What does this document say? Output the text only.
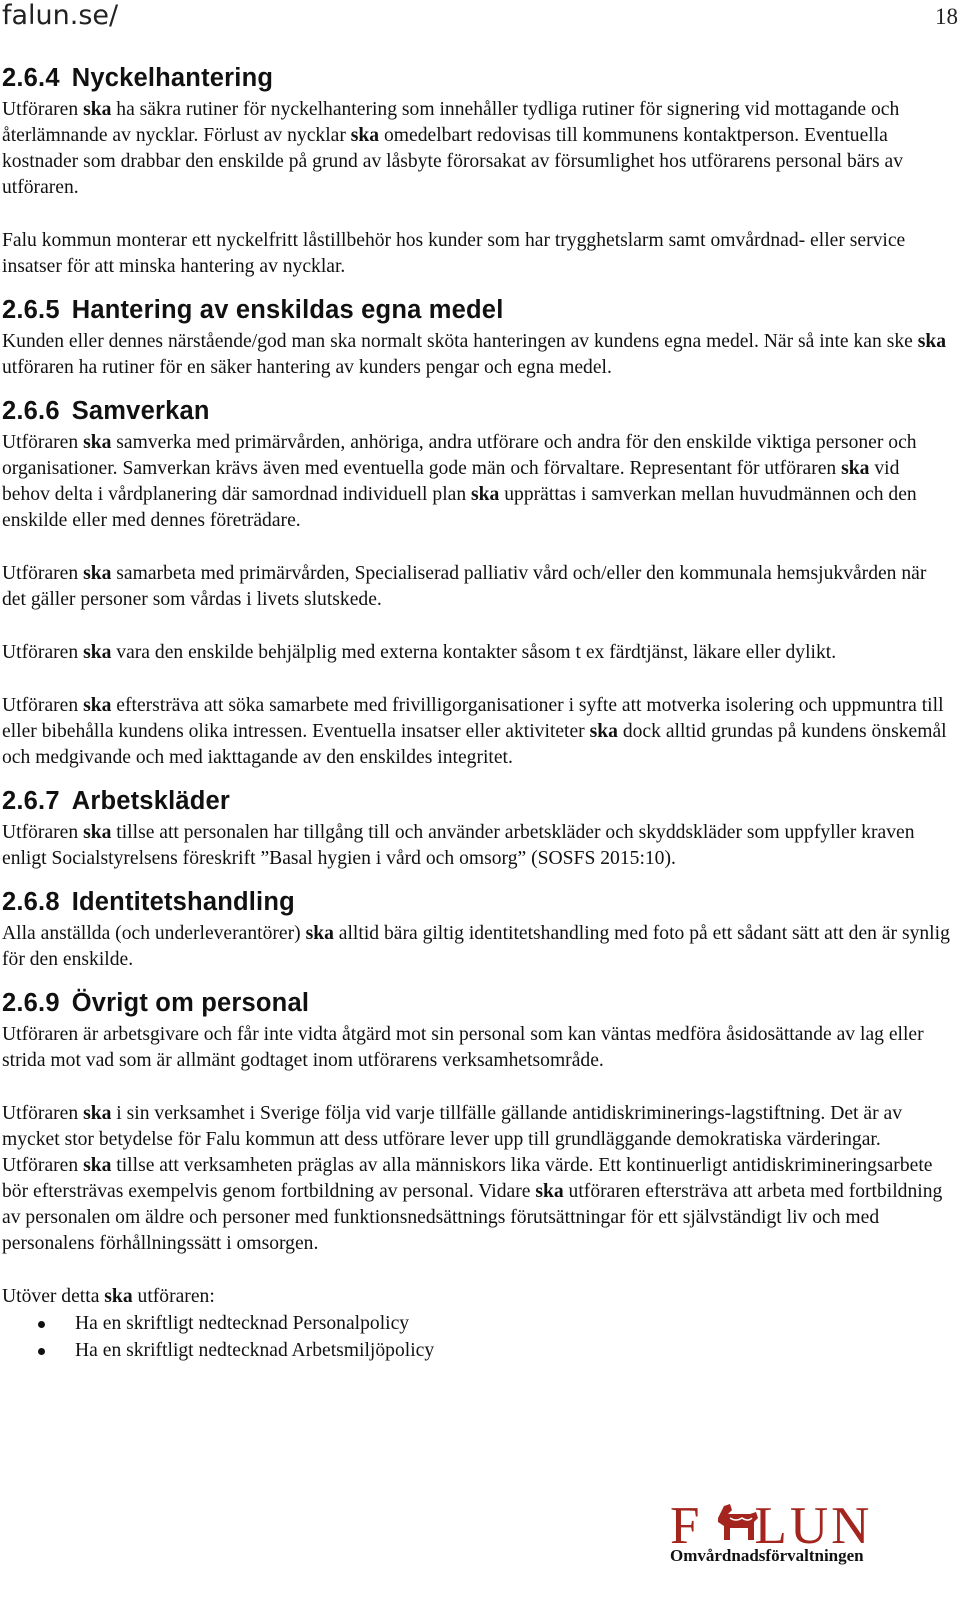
falun.se/	18
2.6.4 Nyckelhantering

Utföraren ska ha säkra rutiner för nyckelhantering som innehåller tydliga rutiner för signering vid mottagande och återlämnande av nycklar. Förlust av nycklar ska omedelbart redovisas till kommunens kontaktperson. Eventuella kostnader som drabbar den enskilde på grund av låsbyte förorsakat av försumlighet hos utförarens personal bärs av utföraren.

Falu kommun monterar ett nyckelfritt låstillbehör hos kunder som har trygghetslarm samt omvårdnad- eller service insatser för att minska hantering av nycklar.

2.6.5 Hantering av enskildas egna medel

Kunden eller dennes närstående/god man ska normalt sköta hanteringen av kundens egna medel. När så inte kan ske ska utföraren ha rutiner för en säker hantering av kunders pengar och egna medel.

2.6.6 Samverkan

Utföraren ska samverka med primärvården, anhöriga, andra utförare och andra för den enskilde viktiga personer och organisationer. Samverkan krävs även med eventuella gode män och förvaltare. Representant för utföraren ska vid behov delta i vårdplanering där samordnad individuell plan ska upprättas i samverkan mellan huvudmännen och den enskilde eller med dennes företrädare.

Utföraren ska samarbeta med primärvården, Specialiserad palliativ vård och/eller den kommunala hemsjukvården när det gäller personer som vårdas i livets slutskede.

Utföraren ska vara den enskilde behjälplig med externa kontakter såsom t ex färdtjänst, läkare eller dylikt.

Utföraren ska eftersträva att söka samarbete med frivilligorganisationer i syfte att motverka isolering och uppmuntra till eller bibehålla kundens olika intressen. Eventuella insatser eller aktiviteter ska dock alltid grundas på kundens önskemål och medgivande och med iakttagande av den enskildes integritet.

2.6.7 Arbetskläder

Utföraren ska tillse att personalen har tillgång till och använder arbetskläder och skyddskläder som uppfyller kraven enligt Socialstyrelsens föreskrift ”Basal hygien i vård och omsorg” (SOSFS 2015:10).

2.6.8 Identitetshandling

Alla anställda (och underleverantörer) ska alltid bära giltig identitetshandling med foto på ett sådant sätt att den är synlig för den enskilde.

2.6.9 Övrigt om personal

Utföraren är arbetsgivare och får inte vidta åtgärd mot sin personal som kan väntas medföra åsidosättande av lag eller strida mot vad som är allmänt godtaget inom utförarens verksamhetsområde.

Utföraren ska i sin verksamhet i Sverige följa vid varje tillfälle gällande antidiskriminerings-lagstiftning. Det är av mycket stor betydelse för Falu kommun att dess utförare lever upp till grundläggande demokratiska värderingar. Utföraren ska tillse att verksamheten präglas av alla människors lika värde. Ett kontinuerligt antidiskrimineringsarbete bör eftersträvas exempelvis genom fortbildning av personal. Vidare ska utföraren eftersträva att arbeta med fortbildning av personalen om äldre och personer med funktionsnedsättnings förutsättningar för ett självständigt liv och med personalens förhållningssätt i omsorgen.

Utöver detta ska utföraren:

Ha en skriftligt nedtecknad Personalpolicy
Ha en skriftligt nedtecknad Arbetsmiljöpolicy
F LUN
Omvårdnadsförvaltningen
